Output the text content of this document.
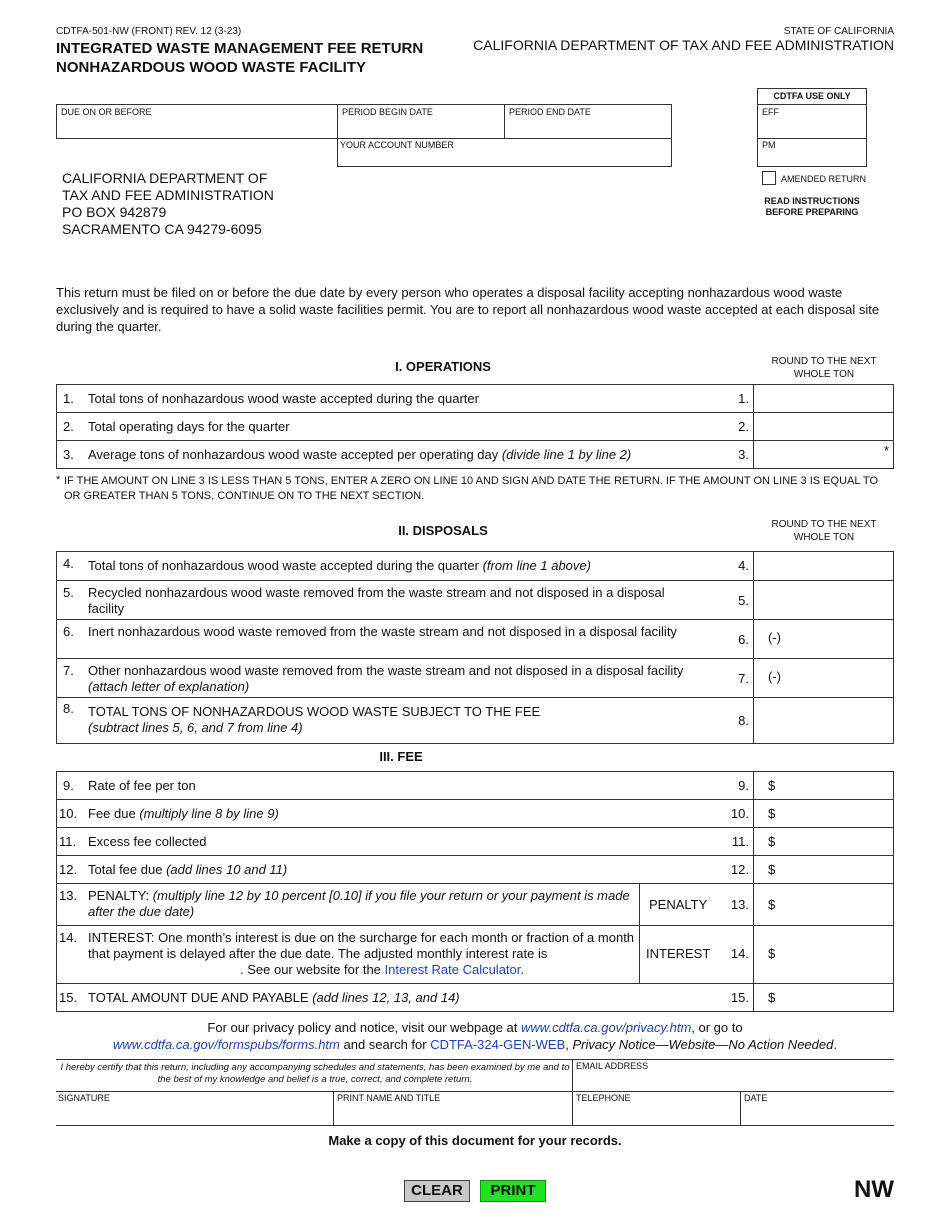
CDTFA-501-NW (FRONT) REV. 12 (3-23)
INTEGRATED WASTE MANAGEMENT FEE RETURN
NONHAZARDOUS WOOD WASTE FACILITY
STATE OF CALIFORNIA
CALIFORNIA DEPARTMENT OF TAX AND FEE ADMINISTRATION
DUE ON OR BEFORE	PERIOD BEGIN DATE	PERIOD END DATE
YOUR ACCOUNT NUMBER
CDTFA USE ONLY
EFF
PM
AMENDED RETURN
READ INSTRUCTIONS
BEFORE PREPARING
CALIFORNIA DEPARTMENT OF
TAX AND FEE ADMINISTRATION
PO BOX 942879
SACRAMENTO CA 94279-6095
This return must be filed on or before the due date by every person who operates a disposal facility accepting nonhazardous wood waste exclusively and is required to have a solid waste facilities permit. You are to report all nonhazardous wood waste accepted at each disposal site during the quarter.
I. OPERATIONS	ROUND TO THE NEXT
WHOLE TON
1. Total tons of nonhazardous wood waste accepted during the quarter	1.
2. Total operating days for the quarter	2.
3. Average tons of nonhazardous wood waste accepted per operating day (divide line 1 by line 2)	3.	*
* IF THE AMOUNT ON LINE 3 IS LESS THAN 5 TONS, ENTER A ZERO ON LINE 10 AND SIGN AND DATE THE RETURN. IF THE AMOUNT ON LINE 3 IS EQUAL TO OR GREATER THAN 5 TONS, CONTINUE ON TO THE NEXT SECTION.
II. DISPOSALS	ROUND TO THE NEXT
WHOLE TON
4. Total tons of nonhazardous wood waste accepted during the quarter (from line 1 above)	4.
5. Recycled nonhazardous wood waste removed from the waste stream and not disposed in a disposal facility
5.
6. Inert nonhazardous wood waste removed from the waste stream and not disposed in a disposal facility
6. (-)
7. Other nonhazardous wood waste removed from the waste stream and not disposed in a disposal facility (attach letter of explanation)
7. (-)
8. TOTAL TONS OF NONHAZARDOUS WOOD WASTE SUBJECT TO THE FEE
(subtract lines 5, 6, and 7 from line 4)	8.
III. FEE
9. Rate of fee per ton	9. $
10. Fee due (multiply line 8 by line 9)	10. $
11. Excess fee collected	11. $
12. Total fee due (add lines 10 and 11)	12. $
13. PENALTY: (multiply line 12 by 10 percent [0.10] if you file your return or your payment is made after the due date)	PENALTY	13. $
14. INTEREST: One month’s interest is due on the surcharge for each month or fraction of a month that payment is delayed after the due date. The adjusted monthly interest rate is
. See our website for the Interest Rate Calculator.
INTEREST	14. $
15. TOTAL AMOUNT DUE AND PAYABLE (add lines 12, 13, and 14)	15. $
For our privacy policy and notice, visit our webpage at www.cdtfa.ca.gov/privacy.htm, or go to
www.cdtfa.ca.gov/formspubs/forms.htm and search for CDTFA-324-GEN-WEB, Privacy Notice—Website—No Action Needed.
I hereby certify that this return, including any accompanying schedules and statements, has been examined by me and to the best of my knowledge and belief is a true, correct, and complete return.
EMAIL ADDRESS
SIGNATURE	PRINT NAME AND TITLE	TELEPHONE	DATE
Make a copy of this document for your records.
CLEAR	PRINT	NW
